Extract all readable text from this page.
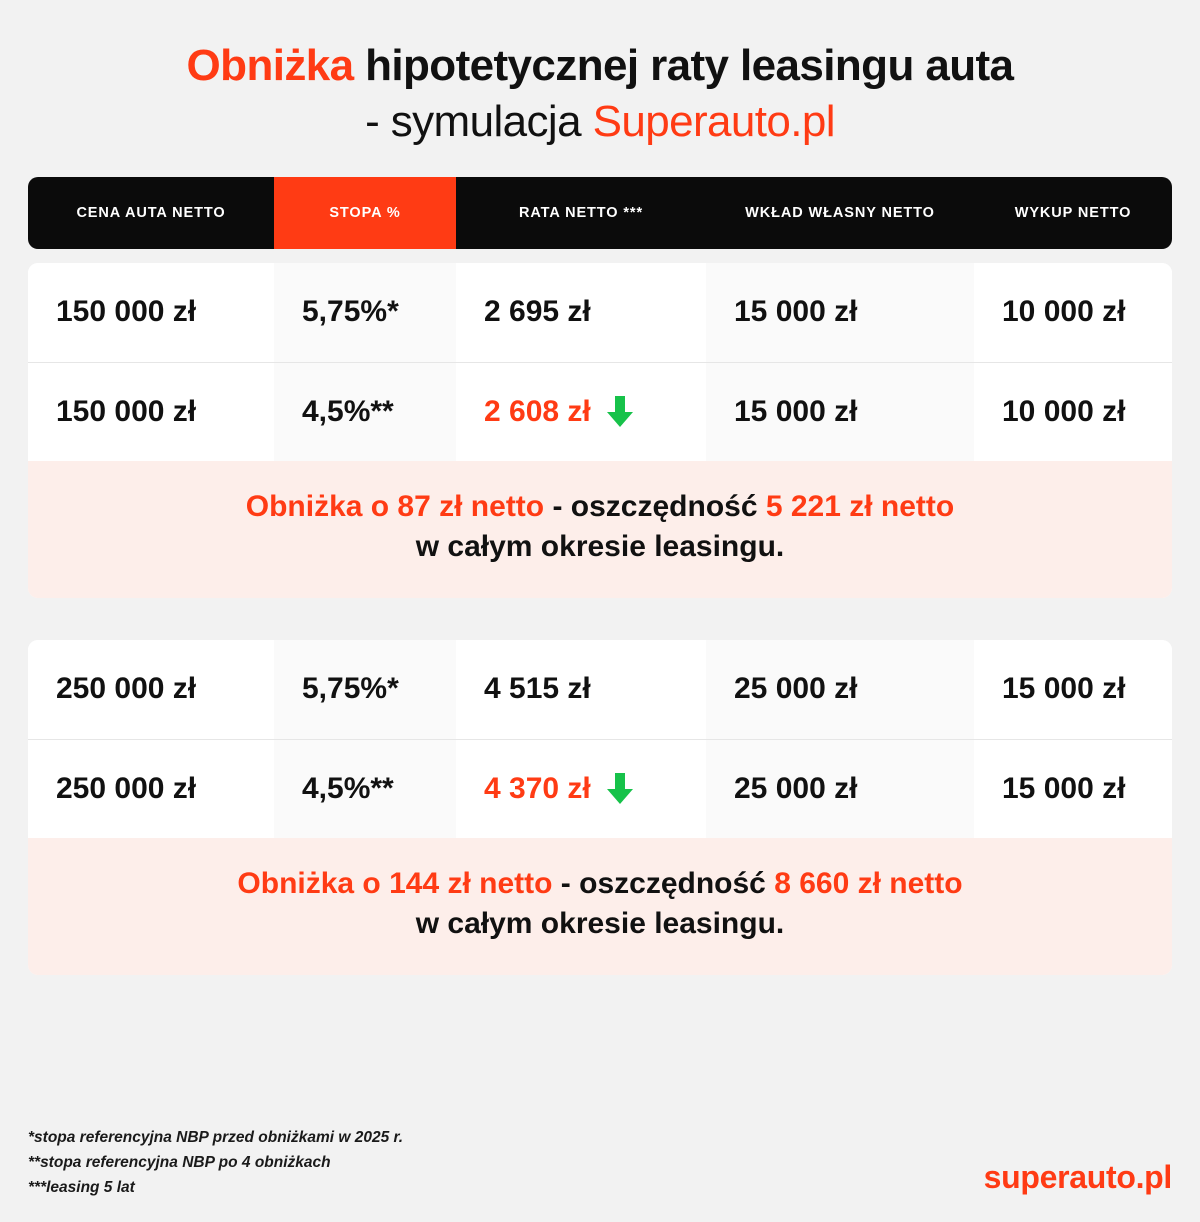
Obniżka hipotetycznej raty leasingu auta
- symulacja Superauto.pl
CENA AUTA NETTO	STOPA %	RATA NETTO ***	WKŁAD WŁASNY NETTO	WYKUP NETTO
150 000 zł	5,75%*	2 695 zł	15 000 zł	10 000 zł
150 000 zł	4,5%**	2 608 zł	15 000 zł	10 000 zł
Obniżka o 87 zł netto - oszczędność 5 221 zł netto
w całym okresie leasingu.
250 000 zł	5,75%*	4 515 zł	25 000 zł	15 000 zł
250 000 zł	4,5%**	4 370 zł	25 000 zł	15 000 zł
Obniżka o 144 zł netto - oszczędność 8 660 zł netto
w całym okresie leasingu.
*stopa referencyjna NBP przed obniżkami w 2025 r.
**stopa referencyjna NBP po 4 obniżkach
***leasing 5 lat	superauto.pl
